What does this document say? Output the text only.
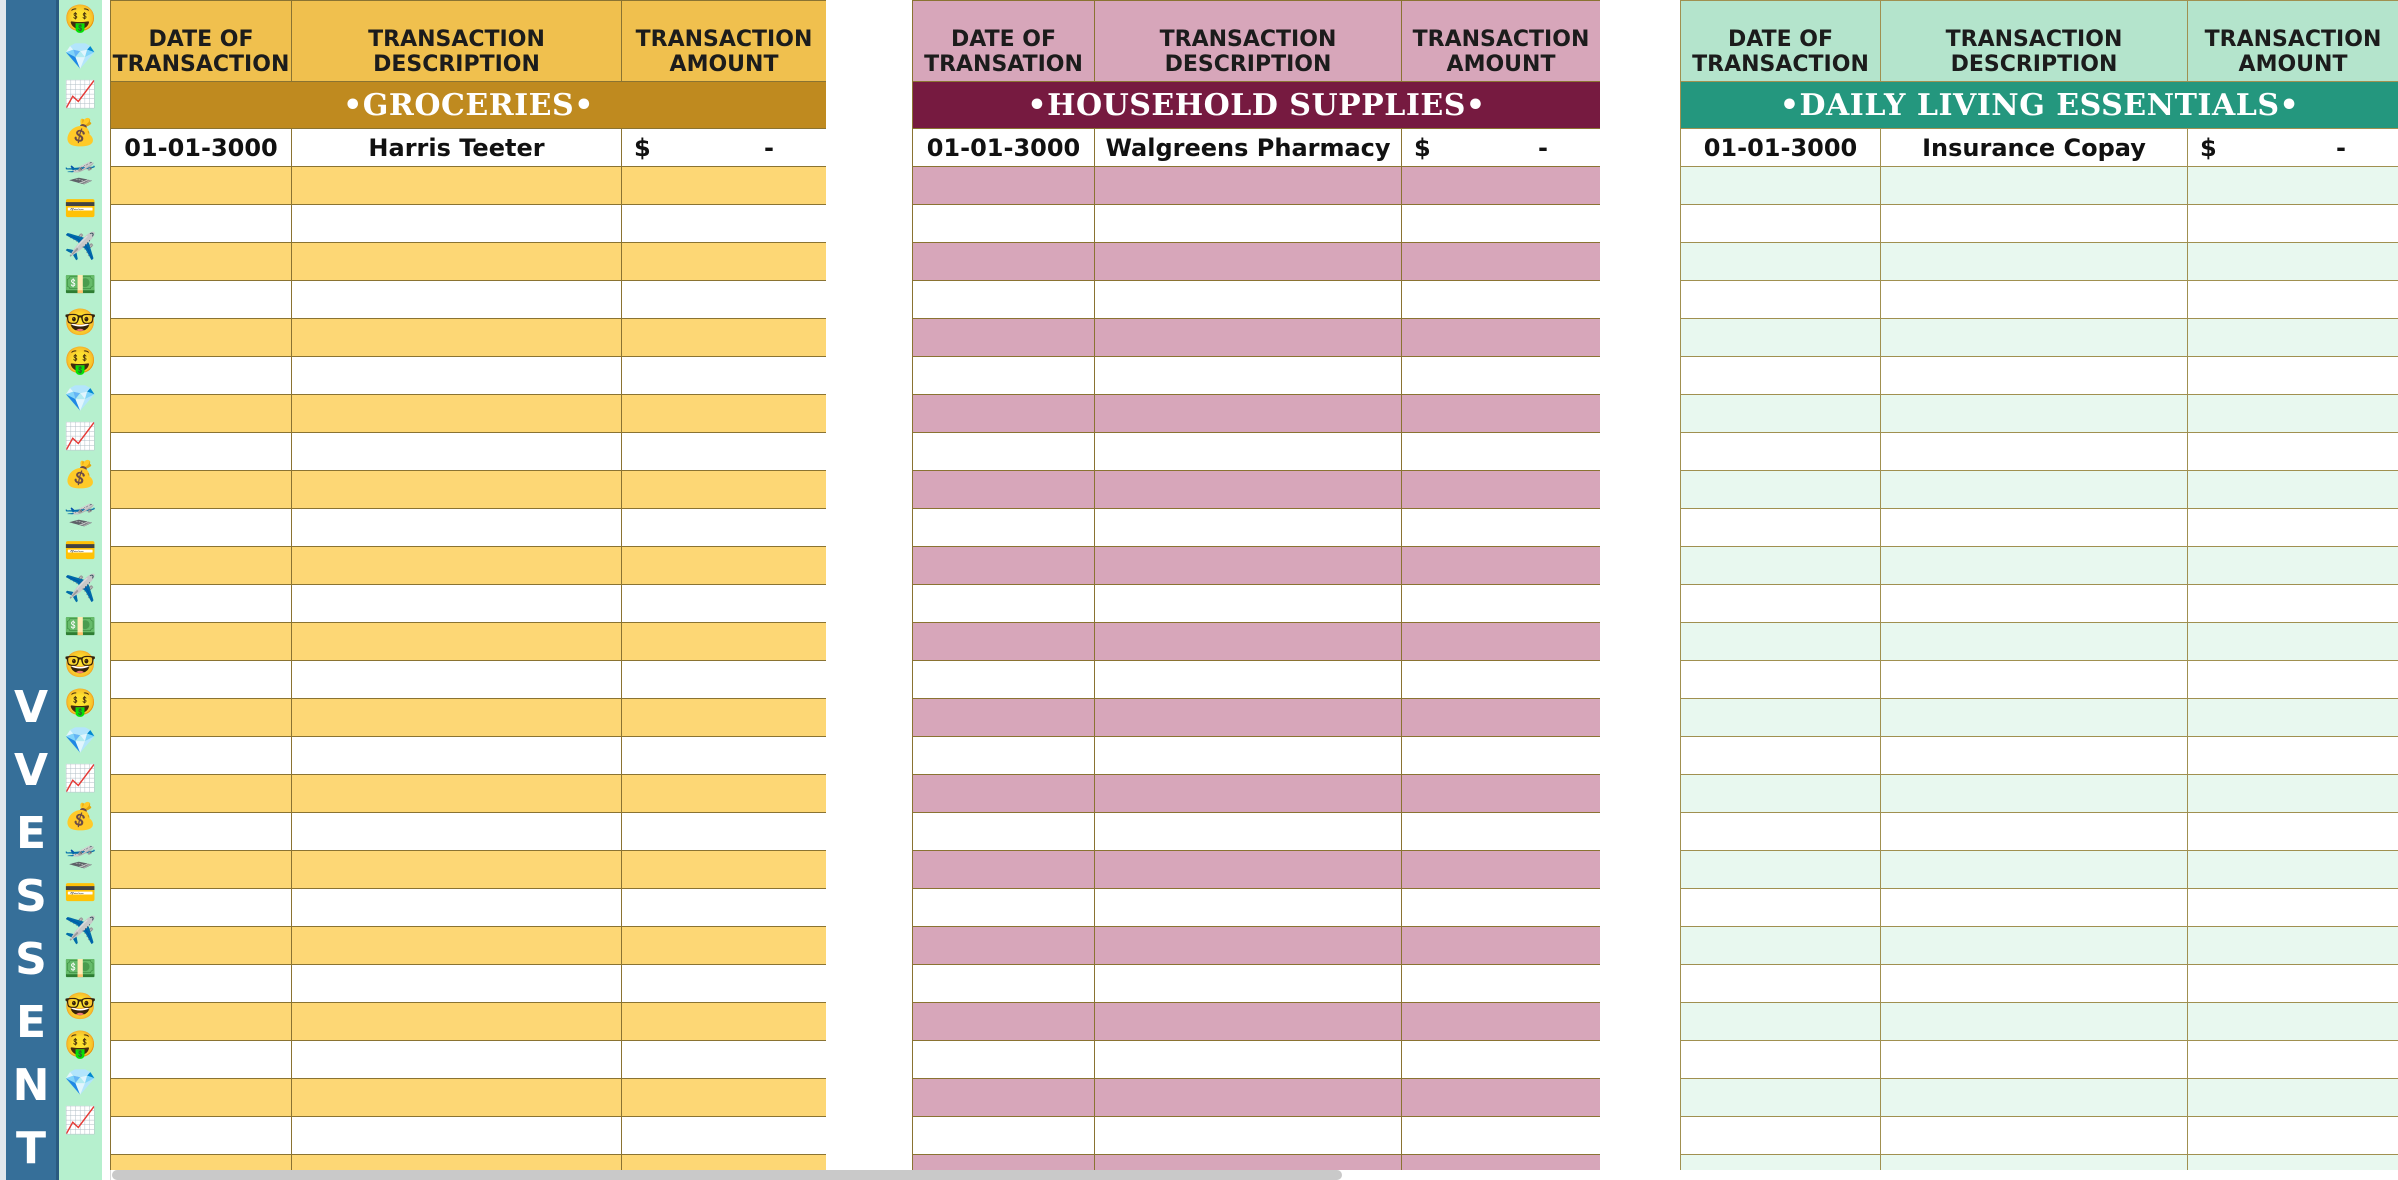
V
V
E
S
S
E
N
T
🤑
💎
📈
💰
🛫
💳
✈️
💵
🤓
🤑
💎
📈
💰
🛫
💳
✈️
💵
🤓
🤑
💎
📈
💰
🛫
💳
✈️
💵
🤓
🤑
💎
📈
DATE OF TRANSACTION	TRANSACTION DESCRIPTION	TRANSACTION AMOUNT
•GROCERIES•		
01-01-3000	Harris Teeter	$ -

DATE OF TRANSATION	TRANSACTION DESCRIPTION	TRANSACTION AMOUNT
•HOUSEHOLD SUPPLIES•		
01-01-3000	Walgreens Pharmacy	$ -

DATE OF TRANSACTION	TRANSACTION DESCRIPTION	TRANSACTION AMOUNT
•DAILY LIVING ESSENTIALS•		
01-01-3000	Insurance Copay	$ -
